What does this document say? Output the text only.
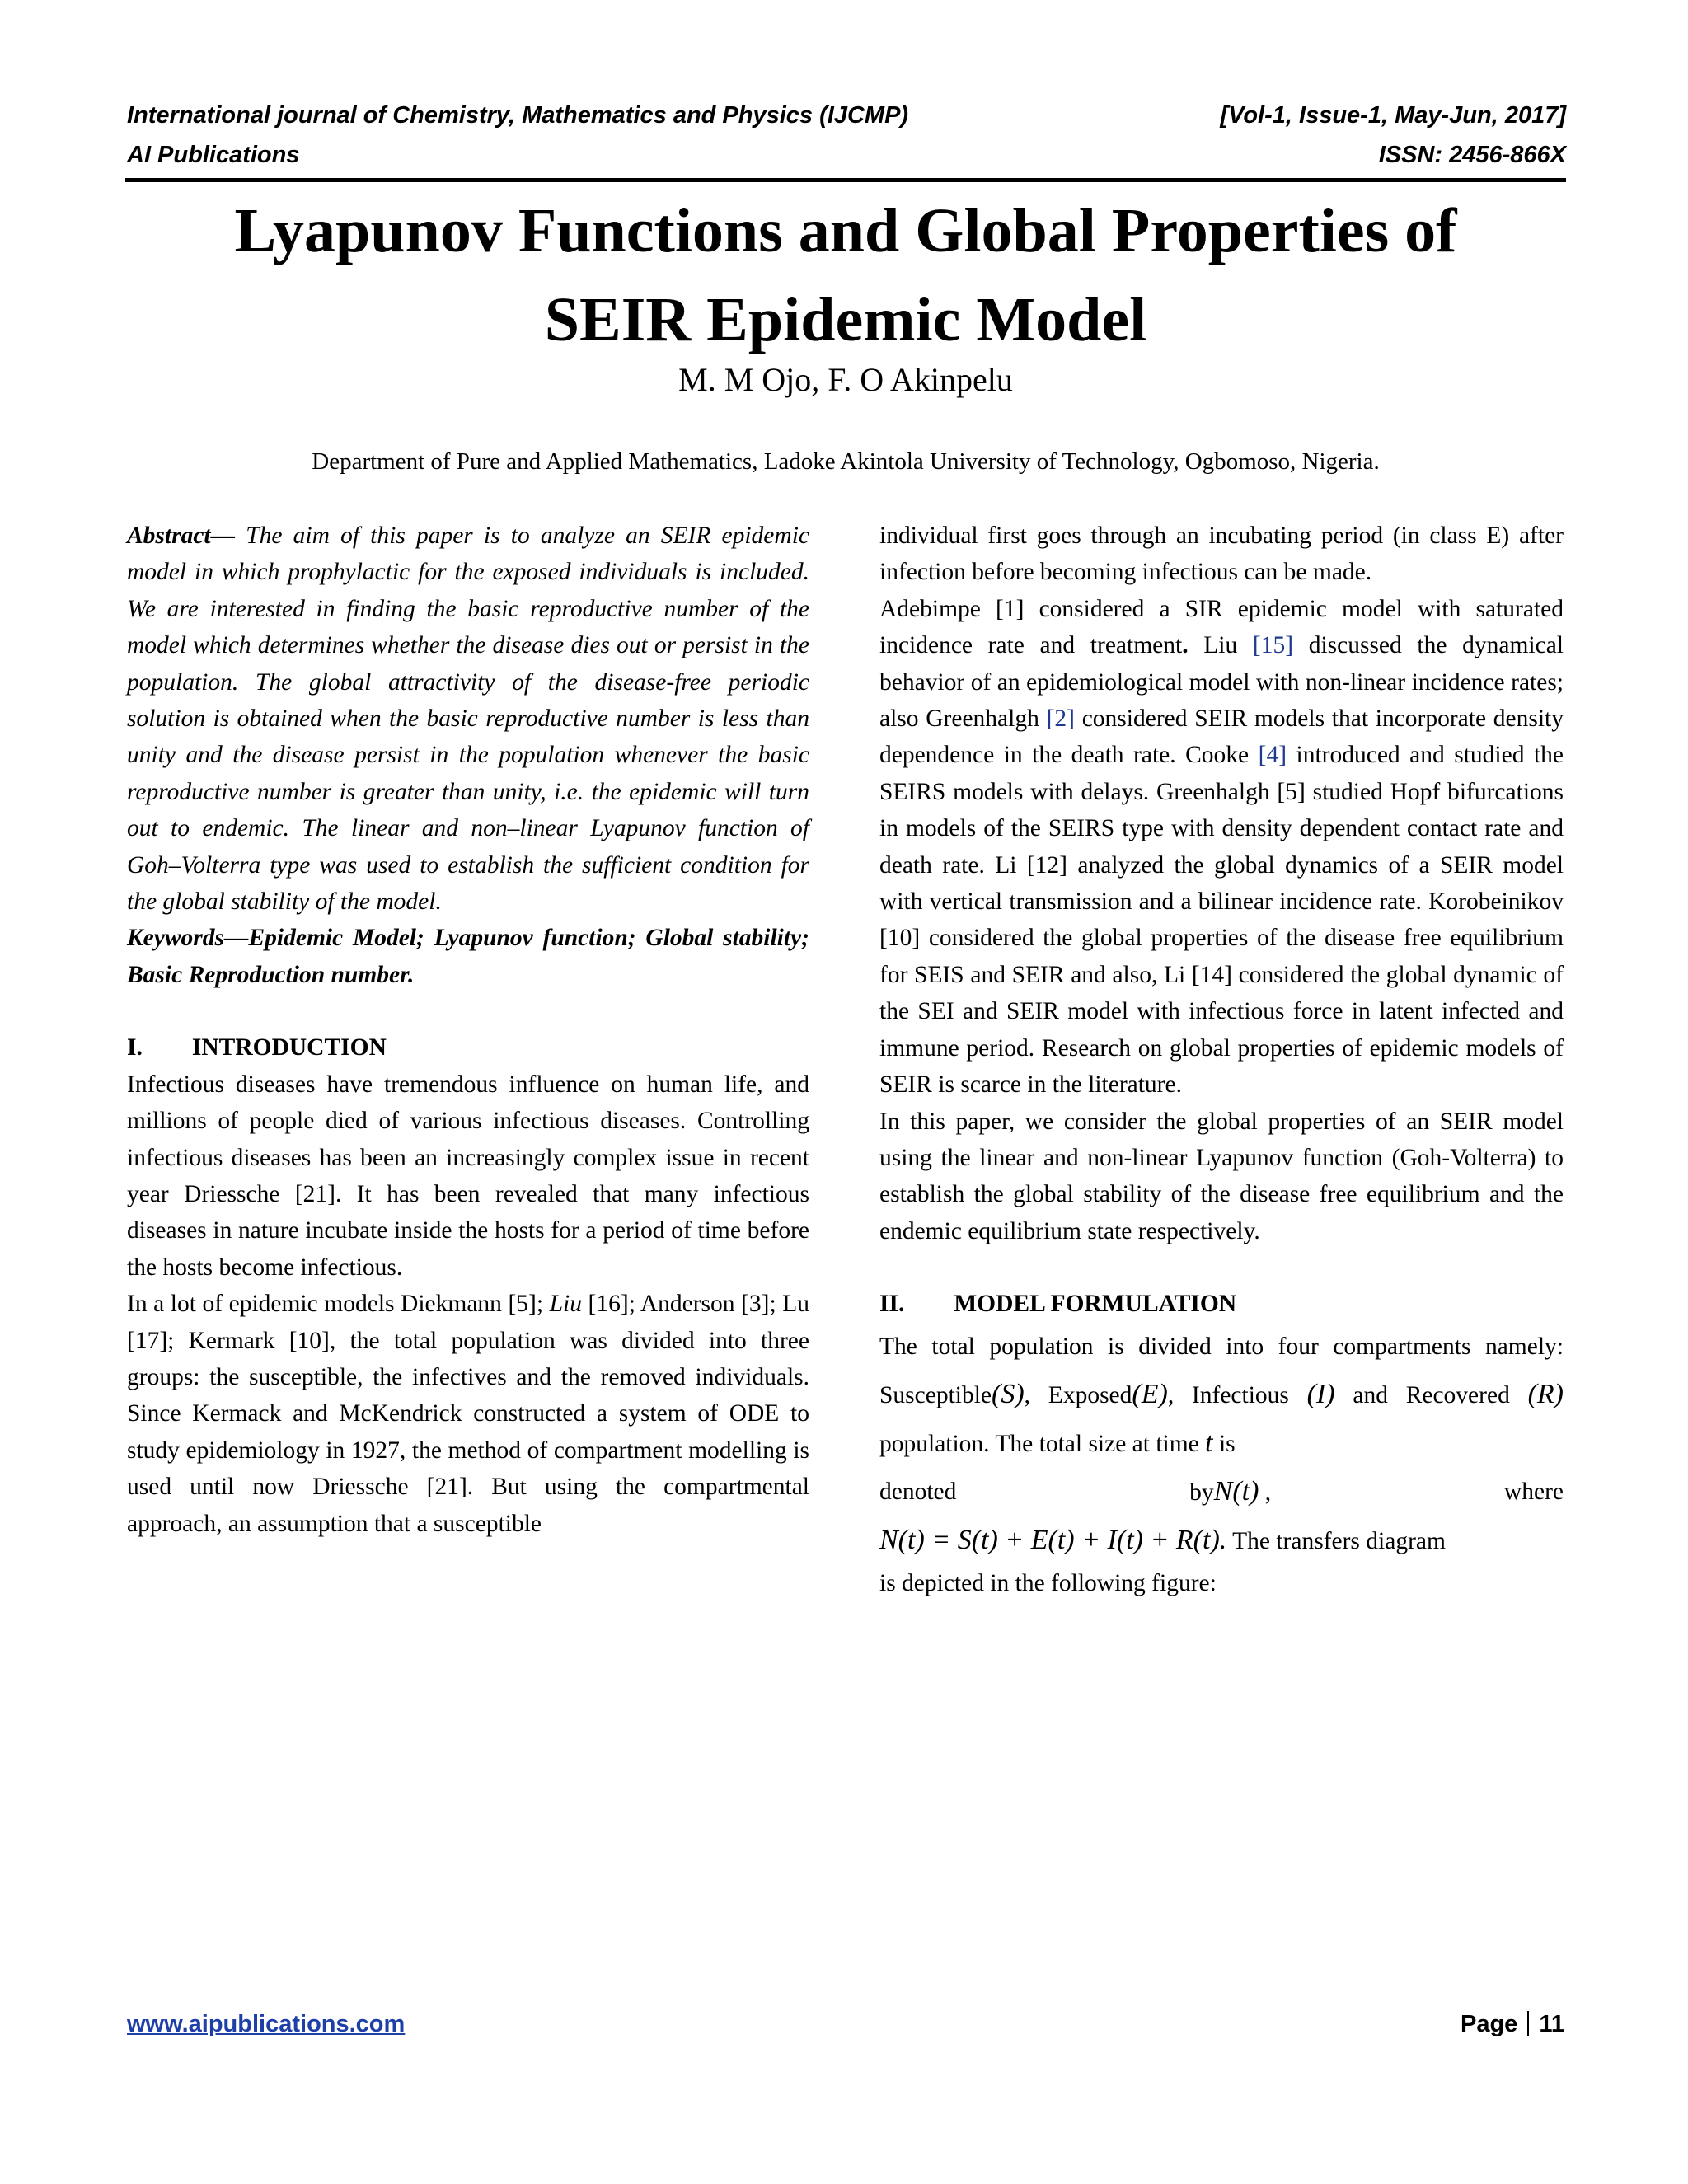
International journal of Chemistry, Mathematics and Physics (IJCMP)	[Vol-1, Issue-1, May-Jun, 2017]
AI Publications	ISSN: 2456-866X
Lyapunov Functions and Global Properties of
SEIR Epidemic Model
M. M Ojo, F. O Akinpelu
Department of Pure and Applied Mathematics, Ladoke Akintola University of Technology, Ogbomoso, Nigeria.

Abstract— The aim of this paper is to analyze an SEIR epidemic model in which prophylactic for the exposed individuals is included. We are interested in finding the basic reproductive number of the model which determines whether the disease dies out or persist in the population. The global attractivity of the disease-free periodic solution is obtained when the basic reproductive number is less than unity and the disease persist in the population whenever the basic reproductive number is greater than unity, i.e. the epidemic will turn out to endemic. The linear and non–linear Lyapunov function of Goh–Volterra type was used to establish the sufficient condition for the global stability of the model.

Keywords—Epidemic Model; Lyapunov function; Global stability; Basic Reproduction number.

I. INTRODUCTION

Infectious diseases have tremendous influence on human life, and millions of people died of various infectious diseases. Controlling infectious diseases has been an increasingly complex issue in recent year Driessche [21]. It has been revealed that many infectious diseases in nature incubate inside the hosts for a period of time before the hosts become infectious.

In a lot of epidemic models Diekmann [5]; Liu [16]; Anderson [3]; Lu [17]; Kermark [10], the total population was divided into three groups: the susceptible, the infectives and the removed individuals. Since Kermack and McKendrick constructed a system of ODE to study epidemiology in 1927, the method of compartment modelling is used until now Driessche [21]. But using the compartmental approach, an assumption that a susceptible

individual first goes through an incubating period (in class E) after infection before becoming infectious can be made.

Adebimpe [1] considered a SIR epidemic model with saturated incidence rate and treatment. Liu [15] discussed the dynamical behavior of an epidemiological model with non-linear incidence rates; also Greenhalgh [2] considered SEIR models that incorporate density dependence in the death rate. Cooke [4] introduced and studied the SEIRS models with delays. Greenhalgh [5] studied Hopf bifurcations in models of the SEIRS type with density dependent contact rate and death rate. Li [12] analyzed the global dynamics of a SEIR model with vertical transmission and a bilinear incidence rate. Korobeinikov [10] considered the global properties of the disease free equilibrium for SEIS and SEIR and also, Li [14] considered the global dynamic of the SEI and SEIR model with infectious force in latent infected and immune period. Research on global properties of epidemic models of SEIR is scarce in the literature.

In this paper, we consider the global properties of an SEIR model using the linear and non-linear Lyapunov function (Goh-Volterra) to establish the global stability of the disease free equilibrium and the endemic equilibrium state respectively.

II. MODEL FORMULATION

The total population is divided into four compartments namely: Susceptible(S), Exposed(E), Infectious (I) and Recovered (R) population. The total size at time t is

denoted	byN(t) ,	where

N(t) = S(t) + E(t) + I(t) + R(t). The transfers diagram

is depicted in the following figure:

www.aipublications.com	Page 11
